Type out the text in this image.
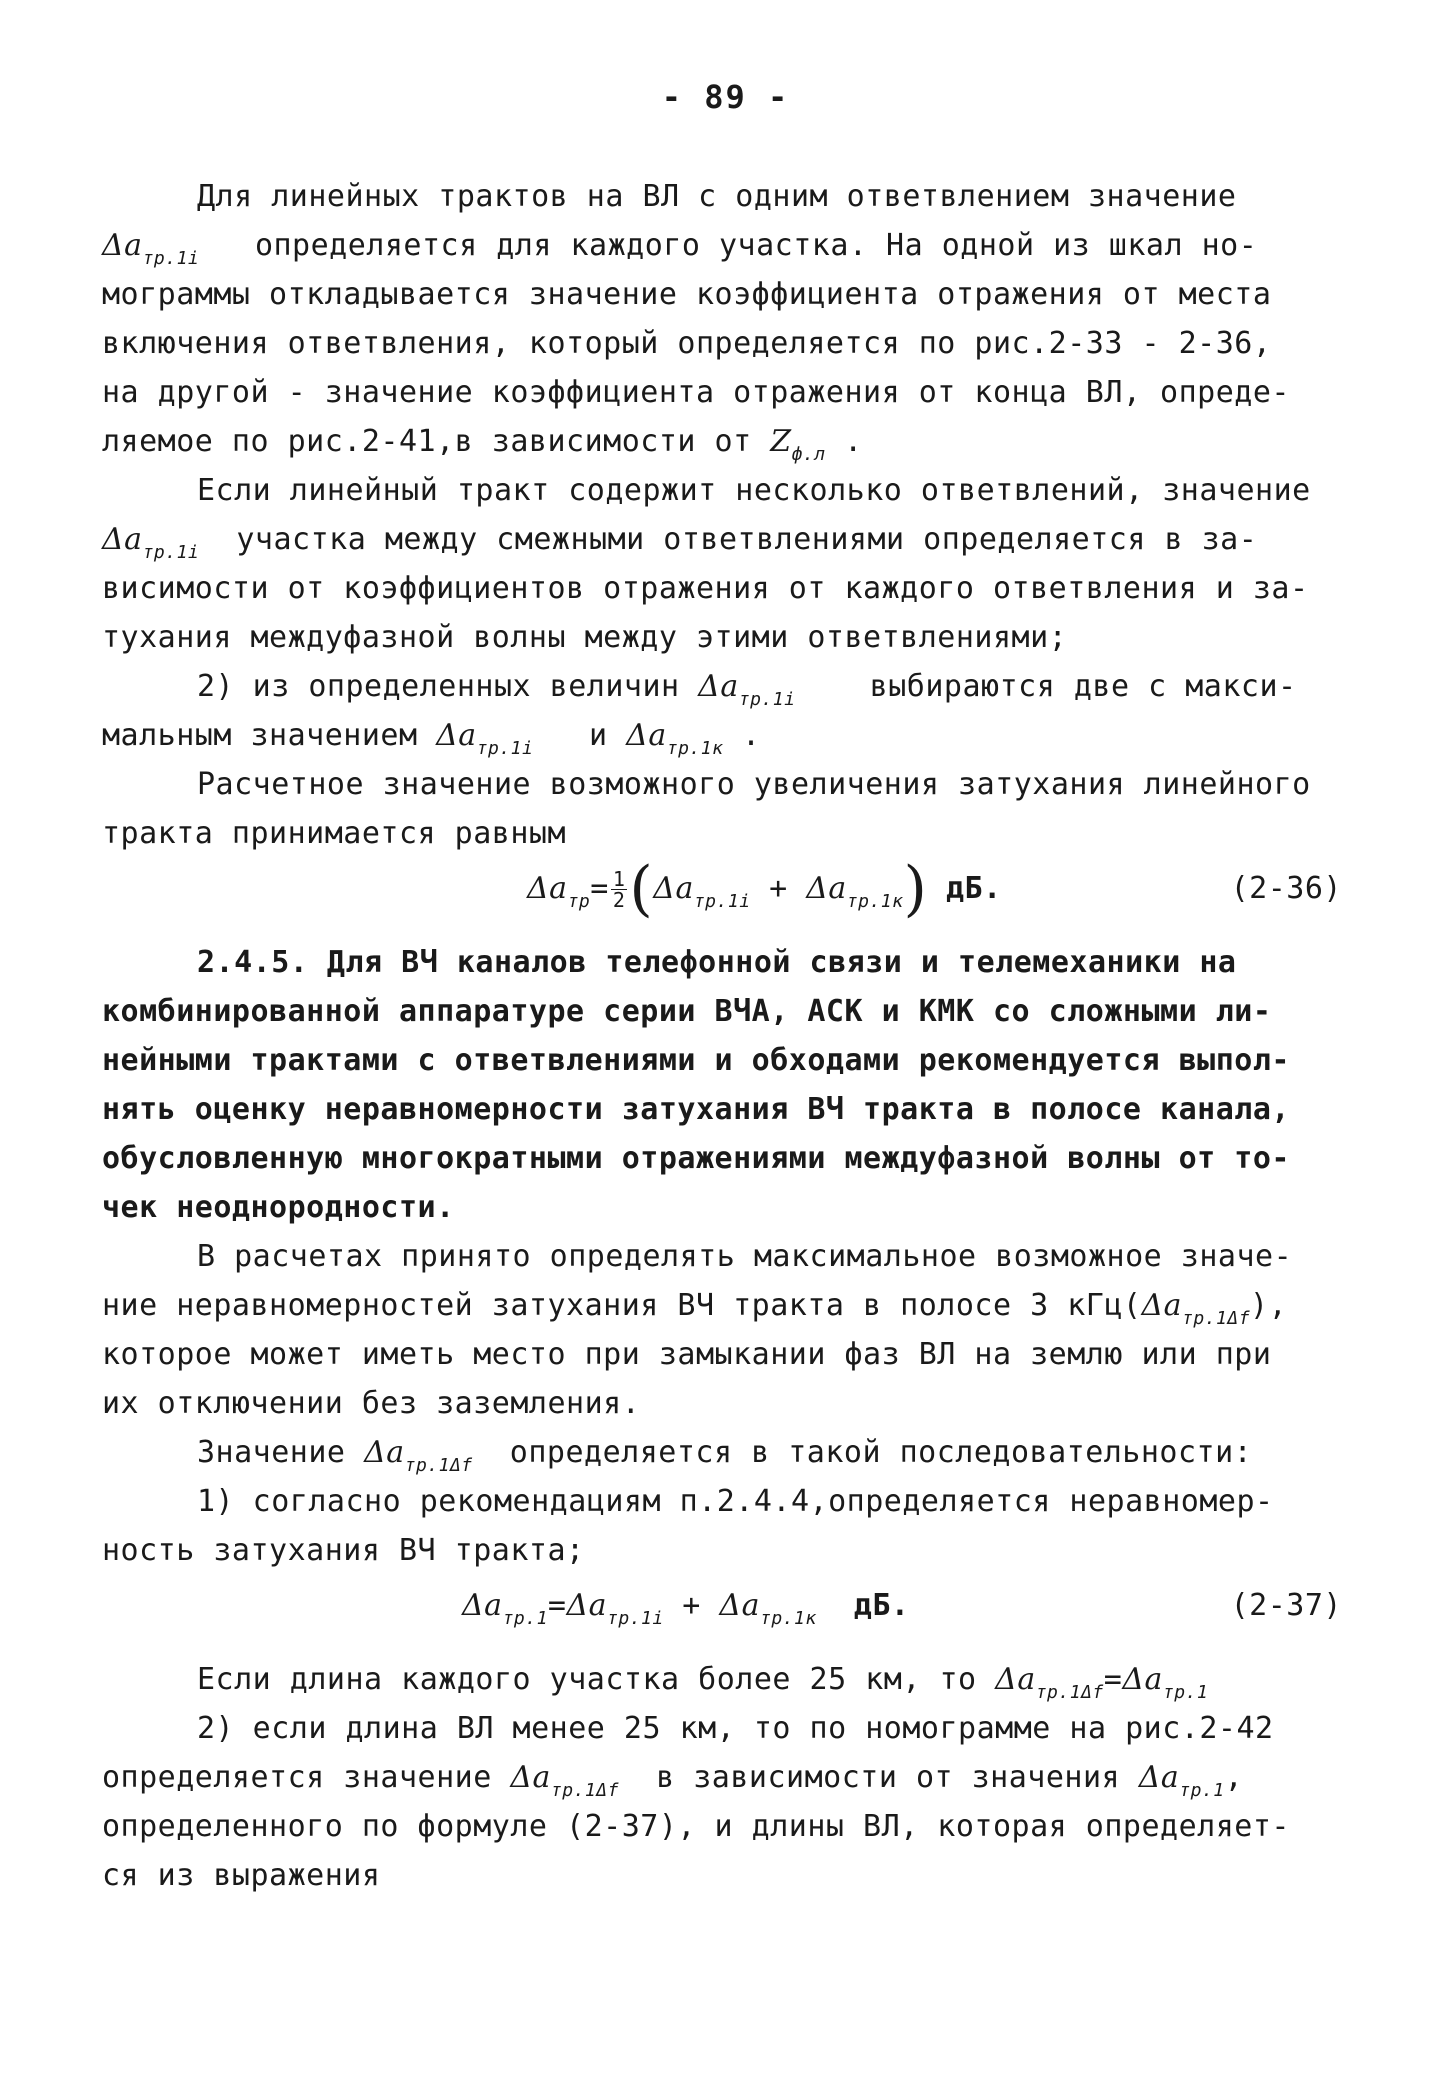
- 89 -
Для линейных трактов на ВЛ с одним ответвлением значение
$\Delta a_{тр.1i}$ определяется для каждого участка. На одной из шкал но-
мограммы откладывается значение коэффициента отражения от места
включения ответвления, который определяется по рис.2-33 - 2-36,
на другой - значение коэффициента отражения от конца ВЛ, опреде-
ляемое по рис.2-41,в зависимости от $Z_{ф.л}$ .
Если линейный тракт содержит несколько ответвлений, значение
$\Delta a_{тр.1i}$ участка между смежными ответвлениями определяется в за-
висимости от коэффициентов отражения от каждого ответвления и за-
тухания междуфазной волны между этими ответвлениями;
2) из определенных величин $\Delta a_{тр.1i}$ выбираются две с макси-
мальным значением $\Delta a_{тр.1i}$ и $\Delta a_{тр.1к}$ .
Расчетное значение возможного увеличения затухания линейного
тракта принимается равным
$\Delta a_{тр}= \frac{1}{2} (\Delta a_{тр.1i} + \Delta a_{тр.1к})$ дБ.	(2-36)
2.4.5. Для ВЧ каналов телефонной связи и телемеханики на
комбинированной аппаратуре серии ВЧА, АСК и КМК со сложными ли-
нейными трактами с ответвлениями и обходами рекомендуется выпол-
нять оценку неравномерности затухания ВЧ тракта в полосе канала,
обусловленную многократными отражениями междуфазной волны от то-
чек неоднородности.
В расчетах принято определять максимальное возможное значе-
ние неравномерностей затухания ВЧ тракта в полосе 3 $кГц(\Delta a_{тр.1\Delta f})$,
которое может иметь место при замыкании фаз ВЛ на землю или при
их отключении без заземления.
Значение $\Delta a_{тр.1\Delta f}$ определяется в такой последовательности:
1) согласно рекомендациям п.2.4.4,определяется неравномер-
ность затухания ВЧ тракта;
$\Delta a_{тр.1}=\Delta a_{тр.1i} + \Delta a_{тр.1к}$ дБ.	(2-37)
Если длина каждого участка более 25 км, то $\Delta a_{тр.1\Delta f}=\Delta a_{тр.1}$
2) если длина ВЛ менее 25 км, то по номограмме на рис.2-42
определяется значение $\Delta a_{тр.1\Delta f}$ в зависимости от значения $\Delta a_{тр.1}$,
определенного по формуле (2-37), и длины ВЛ, которая определяет-
ся из выражения
